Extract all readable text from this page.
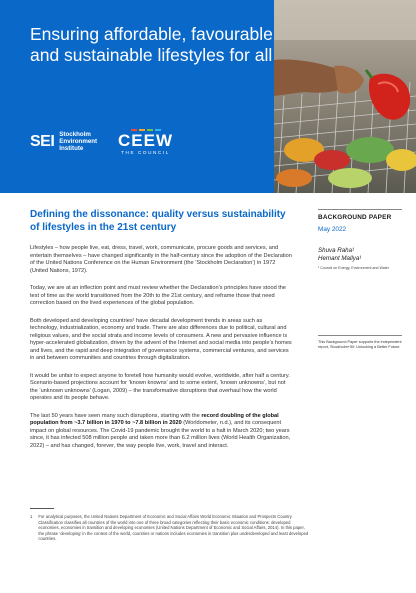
Ensuring affordable, favourable and sustainable lifestyles for all
SEI Stockholm
Environment
Institute	CEEW
THE COUNCIL
Defining the dissonance: quality versus sustainability of lifestyles in the 21st century

Lifestyles – how people live, eat, dress, travel, work, communicate, procure goods and services, and entertain themselves – have changed significantly in the half-century since the adoption of the Declaration of the United Nations Conference on the Human Environment (the ‘Stockholm Declaration’) in 1972 (United Nations, 1972).

Today, we are at an inflection point and must review whether the Declaration’s principles have stood the test of time as the world transitioned from the 20th to the 21st century, and reframe those that need correction based on the lived experiences of the global population.

Both developed and developing countries¹ have decadal development trends in areas such as technology, industrialization, economy and trade. There are also differences due to political, cultural and religious values, and the social strata and income levels of consumers. A new and pervasive influence is hyper-accelerated globalization, driven by the advent of the Internet and social media into people’s homes and lives, and the rapid and deep integration of governance systems, commercial ventures, and services in and between communities and countries through digitalization.

It would be unfair to expect anyone to foretell how humanity would evolve, worldwide, after half a century. Scenario-based projections account for ‘known knowns’ and to some extent, ‘known unknowns’, but not the ‘unknown unknowns’ (Logan, 2009) – the transformative disruptions that overhaul how the world operates and its people behave.

The last 50 years have seen many such disruptions, starting with the record doubling of the global population from ~3.7 billion in 1970 to ~7.8 billion in 2020 (Worldometer, n.d.), and its consequent impact on global resources. The Covid-19 pandemic brought the world to a halt in March 2020; two years since, it has infected 508 million people and taken more than 6.2 million lives (World Health Organization, 2022) – and has changed, forever, the way people live, work, travel and interact.

1 For analytical purposes, the United Nations Department of Economic and Social Affairs World Economic Situation and Prospects Country Classification classifies all countries of the world into one of three broad categories reflecting their basic economic conditions: developed economies, economies in transition and developing economies (United Nations Department of Economic and Social Affairs, 2014). In this paper, the phrase ‘developing’ in the context of the world, countries or nations includes economies in transition plus underdeveloped and least developed countries.

BACKGROUND PAPER

May 2022

Shuva Raha¹
Hemant Mallya¹

¹ Council on Energy, Environment and Water

This Background Paper supports the independent report, Stockholm+50: Unlocking a Better Future.
